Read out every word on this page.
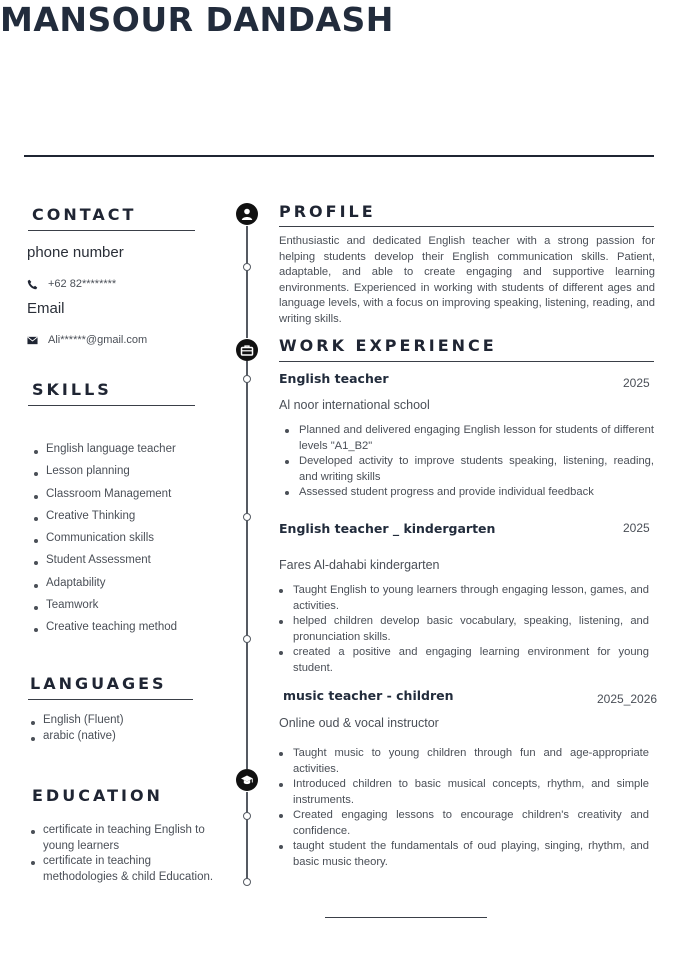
MANSOUR DANDASH
CONTACT
phone number
+62 82********
Email
Ali******@gmail.com
SKILLS
English language teacher
Lesson planning
Classroom Management
Creative Thinking
Communication skills
Student Assessment
Adaptability
Teamwork
Creative teaching method
LANGUAGES
English (Fluent)
arabic (native)
EDUCATION
certificate in teaching English to young learners
certificate in teaching methodologies & child Education.
PROFILE

Enthusiastic and dedicated English teacher with a strong passion for helping students develop their English communication skills. Patient, adaptable, and able to create engaging and supportive learning environments. Experienced in working with students of different ages and language levels, with a focus on improving speaking, listening, reading, and writing skills.

WORK EXPERIENCE
English teacher	2025
Al noor international school
Planned and delivered engaging English lesson for students of different levels "A1_B2"
Developed activity to improve students speaking, listening, reading, and writing skills
Assessed student progress and provide individual feedback
English teacher _ kindergarten	2025
Fares Al-dahabi kindergarten
Taught English to young learners through engaging lesson, games, and activities.
helped children develop basic vocabulary, speaking, listening, and pronunciation skills.
created a positive and engaging learning environment for young student.
music teacher - children	2025_2026
Online oud & vocal instructor
Taught music to young children through fun and age-appropriate activities.
Introduced children to basic musical concepts, rhythm, and simple instruments.
Created engaging lessons to encourage children's creativity and confidence.
taught student the fundamentals of oud playing, singing, rhythm, and basic music theory.
